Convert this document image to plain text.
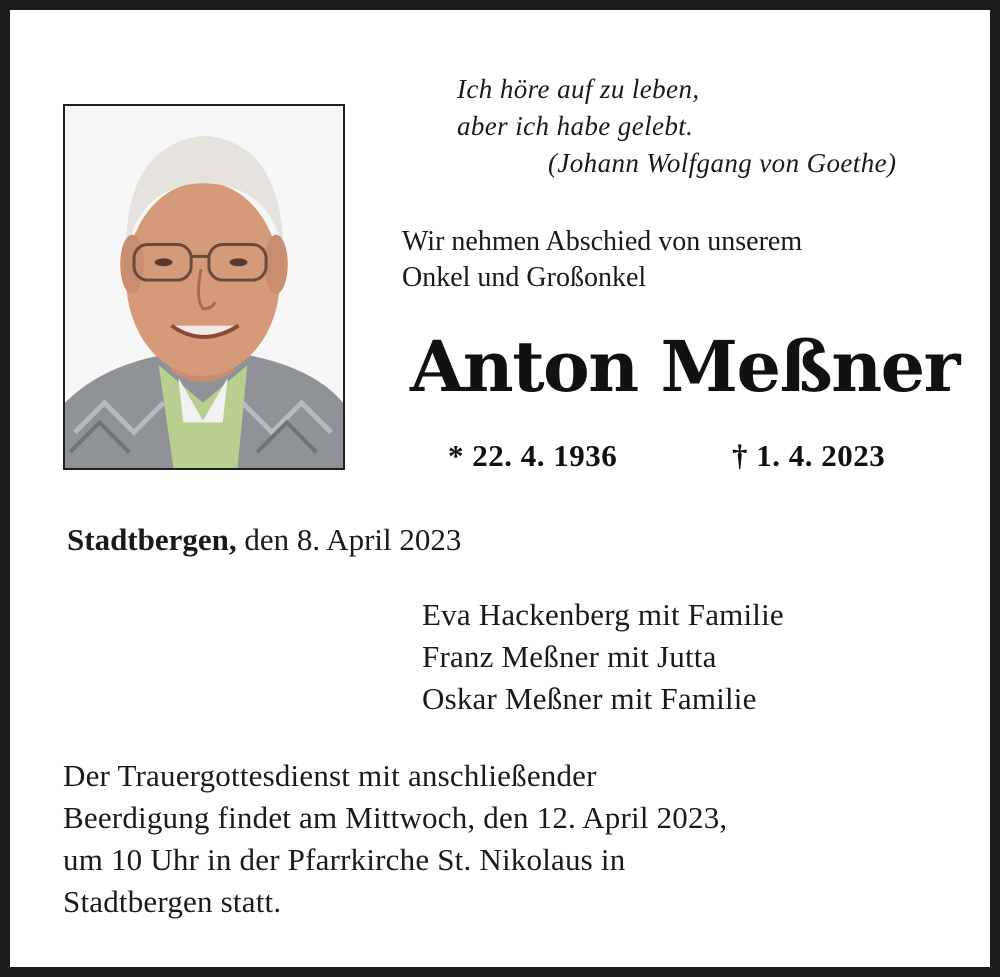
Ich höre auf zu leben,
aber ich habe gelebt.
(Johann Wolfgang von Goethe)
Wir nehmen Abschied von unserem
Onkel und Großonkel
Anton Meßner
* 22. 4. 1936	† 1. 4. 2023
Stadtbergen, den 8. April 2023
Eva Hackenberg mit Familie
Franz Meßner mit Jutta
Oskar Meßner mit Familie
Der Trauergottesdienst mit anschließender
Beerdigung findet am Mittwoch, den 12. April 2023,
um 10 Uhr in der Pfarrkirche St. Nikolaus in
Stadtbergen statt.
